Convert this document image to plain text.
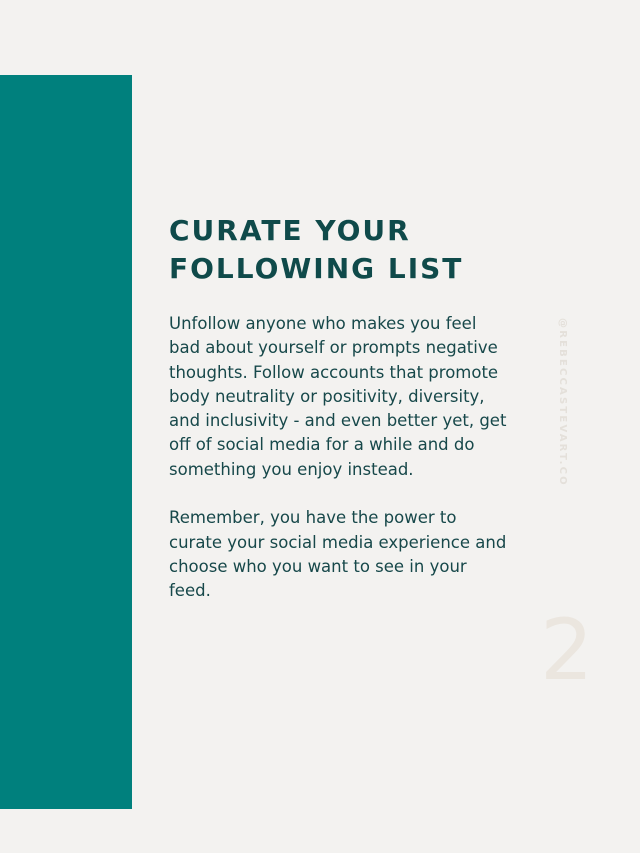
CURATE YOUR
FOLLOWING LIST

Unfollow anyone who makes you feel bad about yourself or prompts negative thoughts. Follow accounts that promote body neutrality or positivity, diversity, and inclusivity - and even better yet, get off of social media for a while and do something you enjoy instead.

Remember, you have the power to curate your social media experience and choose who you want to see in your feed.

@REBECCASTEVART.CO
2
